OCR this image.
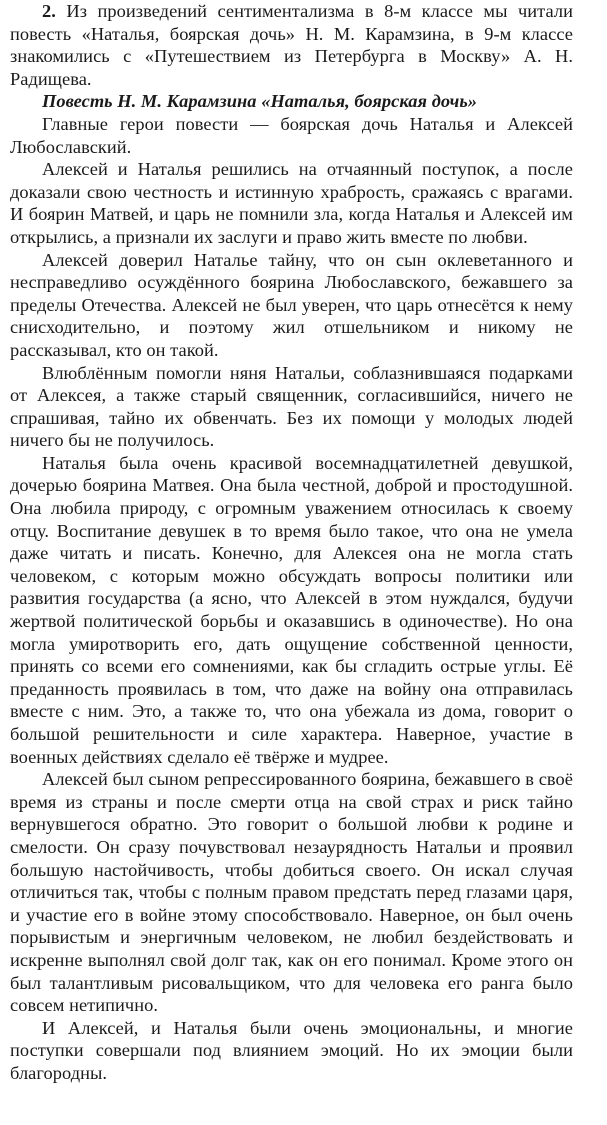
2. Из произведений сентиментализма в 8-м классе мы читали повесть «Наталья, боярская дочь» Н. М. Карамзина, в 9-м классе знакомились с «Путешествием из Петербурга в Москву» А. Н. Радищева.

Повесть Н. М. Карамзина «Наталья, боярская дочь»

Главные герои повести — боярская дочь Наталья и Алексей Любославский.

Алексей и Наталья решились на отчаянный поступок, а после доказали свою честность и истинную храбрость, сражаясь с врагами. И боярин Матвей, и царь не помнили зла, когда Наталья и Алексей им открылись, а признали их заслуги и право жить вместе по любви.

Алексей доверил Наталье тайну, что он сын оклеветанного и несправедливо осуждённого боярина Любославского, бежавшего за пределы Отечества. Алексей не был уверен, что царь отнесётся к нему снисходительно, и поэтому жил отшельником и никому не рассказывал, кто он такой.

Влюблённым помогли няня Натальи, соблазнившаяся подарками от Алексея, а также старый священник, согласившийся, ничего не спрашивая, тайно их обвенчать. Без их помощи у молодых людей ничего бы не получилось.

Наталья была очень красивой восемнадцатилетней девушкой, дочерью боярина Матвея. Она была честной, доброй и простодушной. Она любила природу, с огромным уважением относилась к своему отцу. Воспитание девушек в то время было такое, что она не умела даже читать и писать. Конечно, для Алексея она не могла стать человеком, с которым можно обсуждать вопросы политики или развития государства (а ясно, что Алексей в этом нуждался, будучи жертвой политической борьбы и оказавшись в одиночестве). Но она могла умиротворить его, дать ощущение собственной ценности, принять со всеми его сомнениями, как бы сгладить острые углы. Её преданность проявилась в том, что даже на войну она отправилась вместе с ним. Это, а также то, что она убежала из дома, говорит о большой решительности и силе характера. Наверное, участие в военных действиях сделало её твёрже и мудрее.

Алексей был сыном репрессированного боярина, бежавшего в своё время из страны и после смерти отца на свой страх и риск тайно вернувшегося обратно. Это говорит о большой любви к родине и смелости. Он сразу почувствовал незаурядность Натальи и проявил большую настойчивость, чтобы добиться своего. Он искал случая отличиться так, чтобы с полным правом предстать перед глазами царя, и участие его в войне этому способствовало. Наверное, он был очень порывистым и энергичным человеком, не любил бездействовать и искренне выполнял свой долг так, как он его понимал. Кроме этого он был талантливым рисовальщиком, что для человека его ранга было совсем нетипично.

И Алексей, и Наталья были очень эмоциональны, и многие поступки совершали под влиянием эмоций. Но их эмоции были благородны.
